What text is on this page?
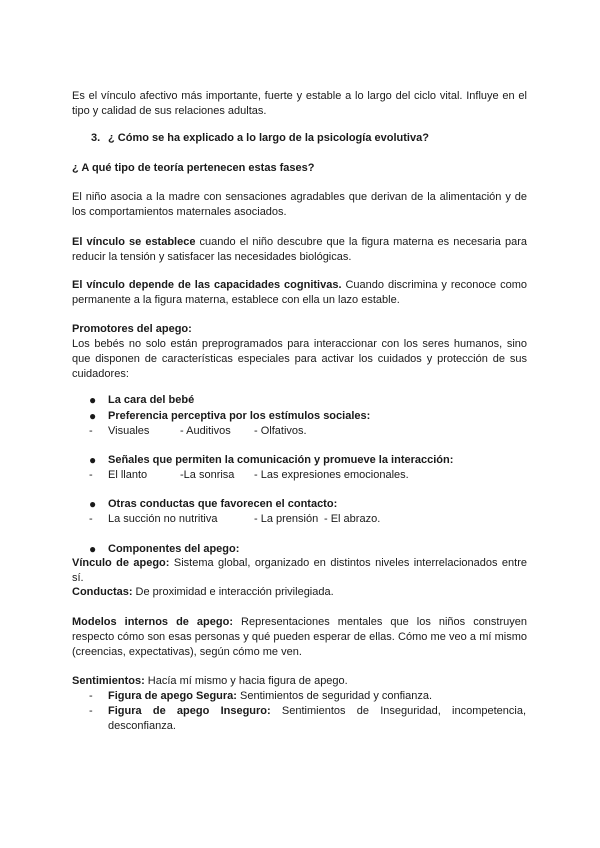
Es el vínculo afectivo más importante, fuerte y estable a lo largo del ciclo vital. Influye en el tipo y calidad de sus relaciones adultas.

3. ¿ Cómo se ha explicado a lo largo de la psicología evolutiva?

¿ A qué tipo de teoría pertenecen estas fases?

El niño asocia a la madre con sensaciones agradables que derivan de la alimentación y de los comportamientos maternales asociados.

El vínculo se establece cuando el niño descubre que la figura materna es necesaria para reducir la tensión y satisfacer las necesidades biológicas.

El vínculo depende de las capacidades cognitivas. Cuando discrimina y reconoce como permanente a la figura materna, establece con ella un lazo estable.

Promotores del apego:

Los bebés no solo están preprogramados para interaccionar con los seres humanos, sino que disponen de características especiales para activar los cuidados y protección de sus cuidadores:

● La cara del bebé
● Preferencia perceptiva por los estímulos sociales:
- Visuales	- Auditivos - Olfativos.
● Señales que permiten la comunicación y promueve la interacción:
- El llanto	-La sonrisa - Las expresiones emocionales.
● Otras conductas que favorecen el contacto:
- La succión no nutritiva	- La prensión - El abrazo.
● Componentes del apego:

Vínculo de apego: Sistema global, organizado en distintos niveles interrelacionados entre sí.

Conductas: De proximidad e interacción privilegiada.

Modelos internos de apego: Representaciones mentales que los niños construyen respecto cómo son esas personas y qué pueden esperar de ellas. Cómo me veo a mí mismo (creencias, expectativas), según cómo me ven.

Sentimientos: Hacía mí mismo y hacia figura de apego.

- Figura de apego Segura: Sentimientos de seguridad y confianza.
- Figura de apego Inseguro: Sentimientos de Inseguridad, incompetencia,
desconfianza.
